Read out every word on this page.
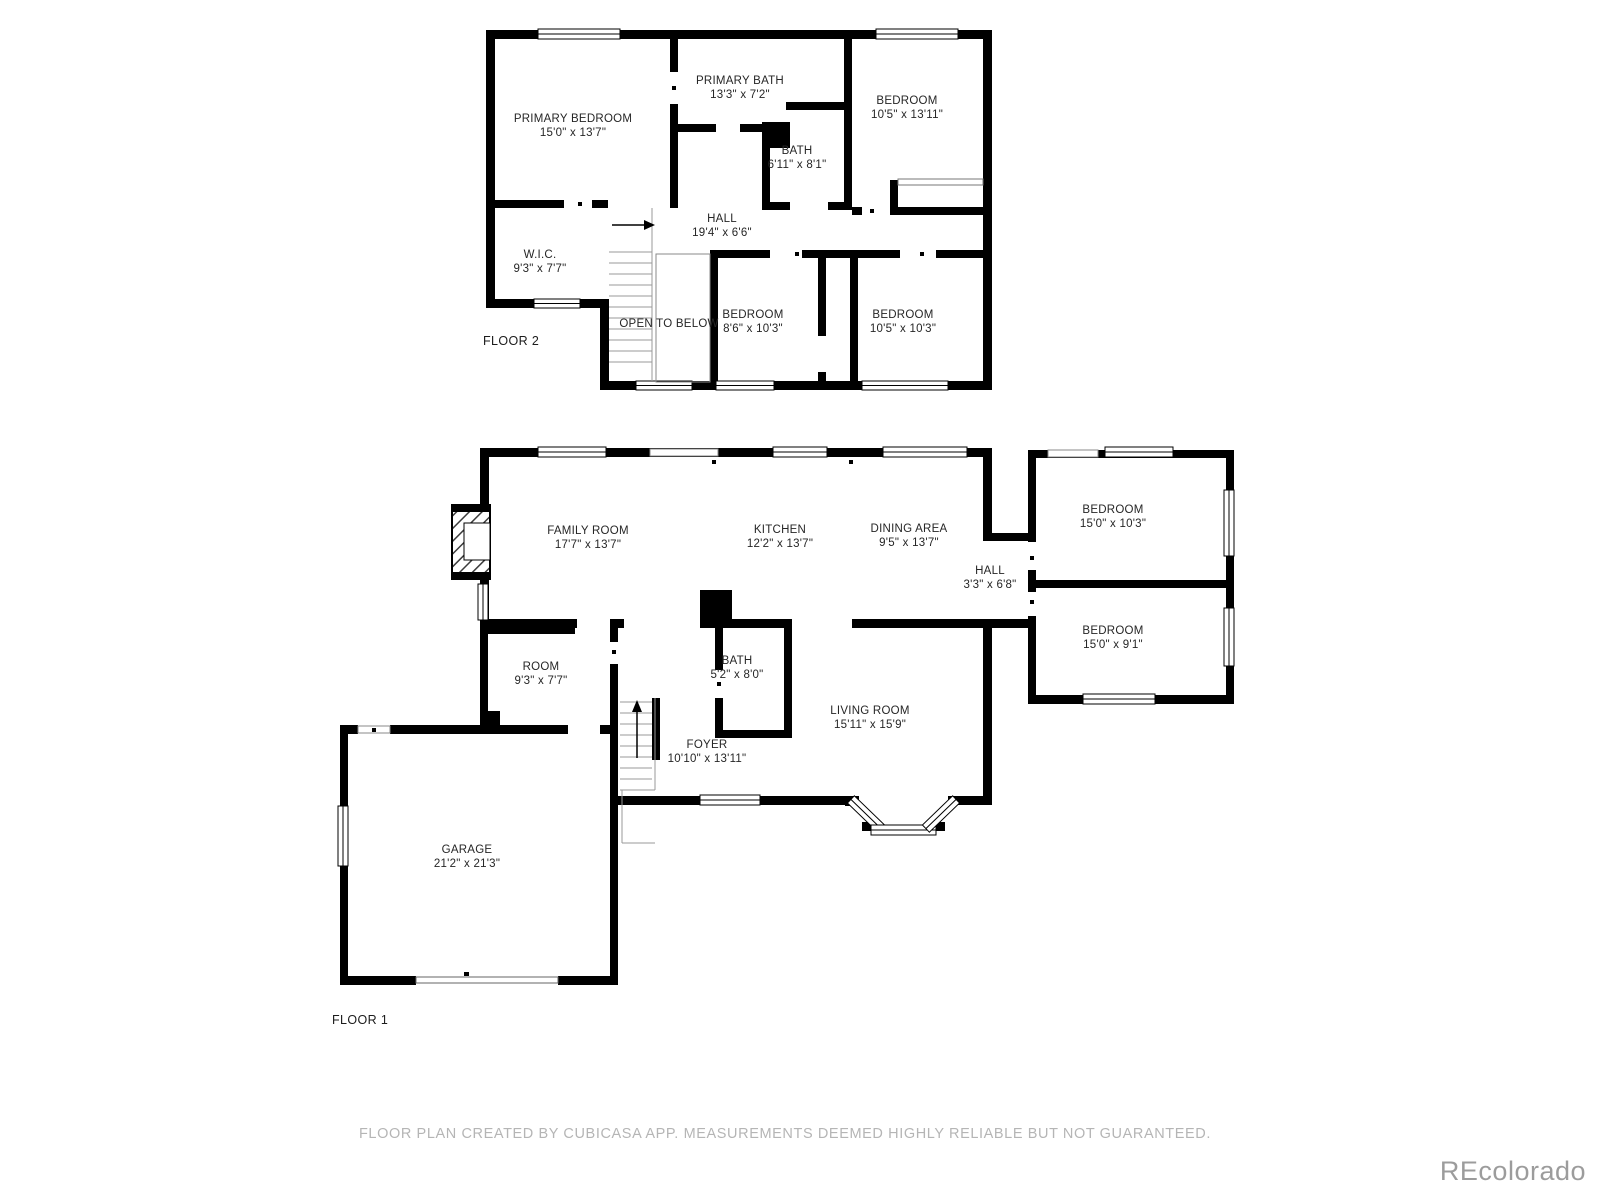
PRIMARY BEDROOM
15'0" x 13'7"
PRIMARY BATH
13'3" x 7'2"	BEDROOM
10'5" x 13'11"
BATH
6'11" x 8'1"
HALL
19'4" x 6'6"
W.I.C.
9'3" x 7'7"
OPEN TO BELOW
BEDROOM
8'6" x 10'3"
BEDROOM
10'5" x 10'3"
FLOOR 2
FAMILY ROOM
17'7" x 13'7"
KITCHEN
12'2" x 13'7"
DINING AREA
9'5" x 13'7"
HALL
3'3" x 6'8"
BEDROOM
15'0" x 10'3"
BEDROOM
15'0" x 9'1"
ROOM
9'3" x 7'7"
BATH
5'2" x 8'0"
LIVING ROOM
15'11" x 15'9"
FOYER
10'10" x 13'11"
GARAGE
21'2" x 21'3"
FLOOR 1
FLOOR PLAN CREATED BY CUBICASA APP. MEASUREMENTS DEEMED HIGHLY RELIABLE BUT NOT GUARANTEED.
REcolorado
